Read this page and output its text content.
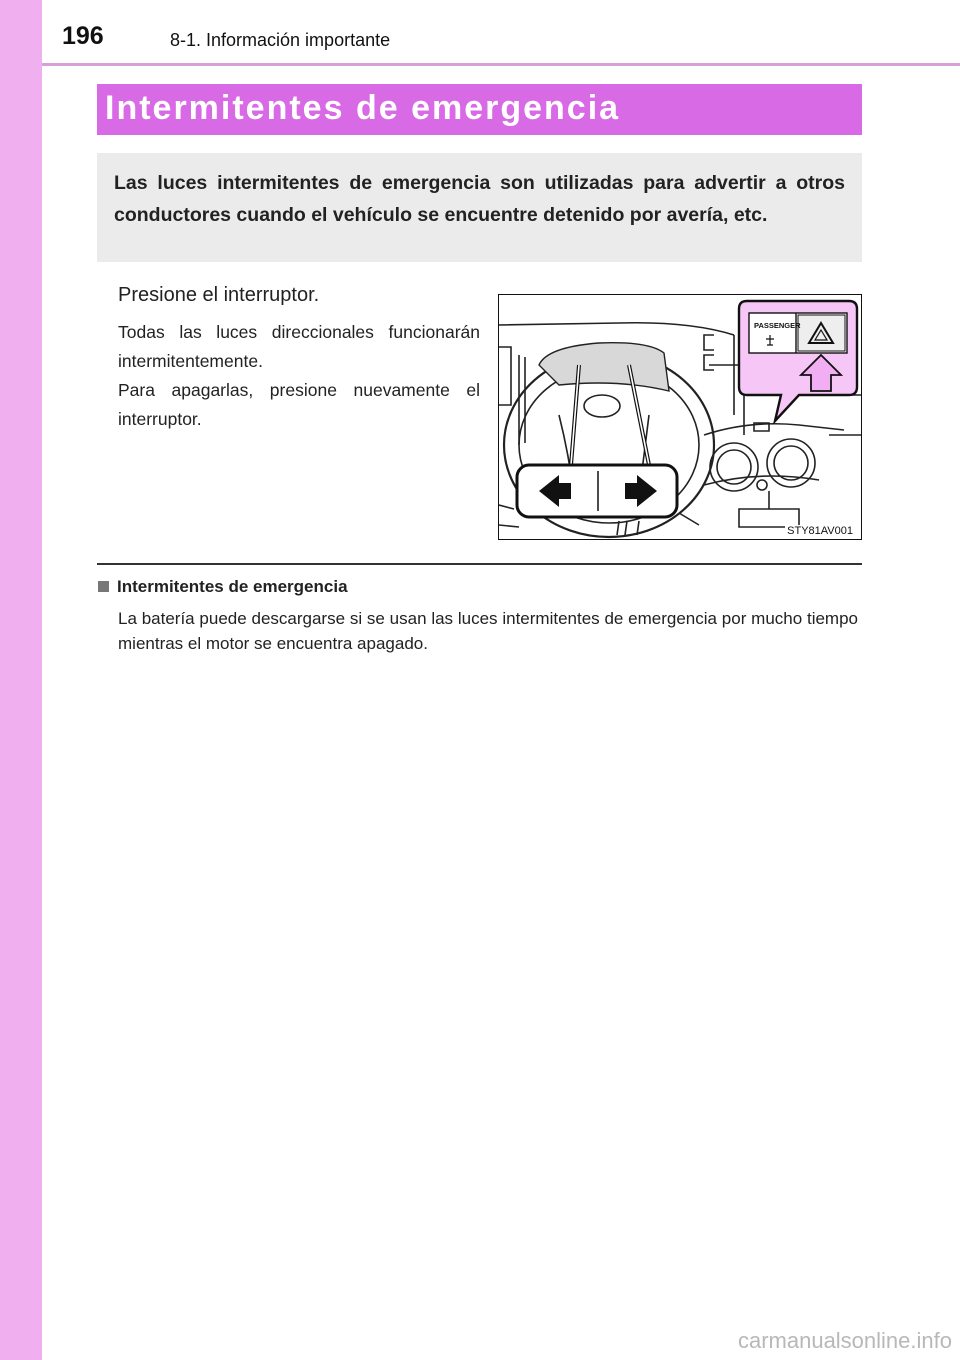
196	8-1. Información importante
Intermitentes de emergencia

Las luces intermitentes de emergencia son utilizadas para advertir a otros conductores cuando el vehículo se encuentre detenido por avería, etc.

Presione el interruptor.

Todas las luces direccionales funcionarán intermitentemente.

Para apagarlas, presione nuevamente el interruptor.

PASSENGER
STY81AV001
Intermitentes de emergencia

La batería puede descargarse si se usan las luces intermitentes de emergencia por mucho tiempo mientras el motor se encuentra apagado.

carmanualsonline.info
